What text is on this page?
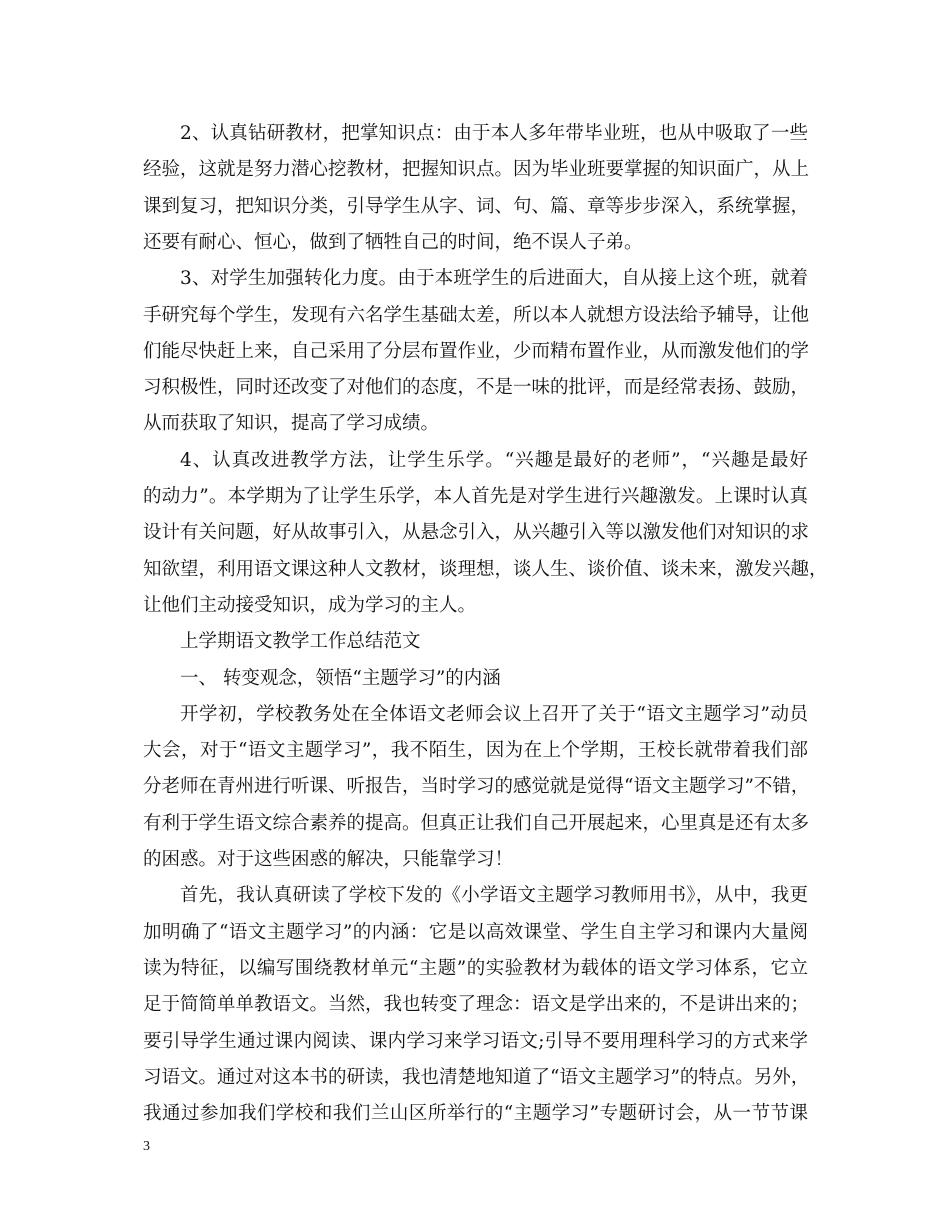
2、认真钻研教材，把掌知识点：由于本人多年带毕业班，也从中吸取了一些
经验，这就是努力潜心挖教材，把握知识点。因为毕业班要掌握的知识面广，从上
课到复习，把知识分类，引导学生从字、词、句、篇、章等步步深入，系统掌握，
还要有耐心、恒心，做到了牺牲自己的时间，绝不误人子弟。
3、对学生加强转化力度。由于本班学生的后进面大，自从接上这个班，就着
手研究每个学生，发现有六名学生基础太差，所以本人就想方设法给予辅导，让他
们能尽快赶上来，自己采用了分层布置作业，少而精布置作业，从而激发他们的学
习积极性，同时还改变了对他们的态度，不是一味的批评，而是经常表扬、鼓励，
从而获取了知识，提高了学习成绩。
4、认真改进教学方法，让学生乐学。“兴趣是最好的老师”，“兴趣是最好
的动力”。本学期为了让学生乐学，本人首先是对学生进行兴趣激发。上课时认真
设计有关问题，好从故事引入，从悬念引入，从兴趣引入等以激发他们对知识的求
知欲望，利用语文课这种人文教材，谈理想，谈人生、谈价值、谈未来，激发兴趣，
让他们主动接受知识，成为学习的主人。
上学期语文教学工作总结范文
一、 转变观念，领悟“主题学习”的内涵
开学初，学校教务处在全体语文老师会议上召开了关于“语文主题学习”动员
大会，对于“语文主题学习”，我不陌生，因为在上个学期，王校长就带着我们部
分老师在青州进行听课、听报告，当时学习的感觉就是觉得“语文主题学习”不错，
有利于学生语文综合素养的提高。但真正让我们自己开展起来，心里真是还有太多
的困惑。对于这些困惑的解决，只能靠学习！
首先，我认真研读了学校下发的《小学语文主题学习教师用书》，从中，我更
加明确了“语文主题学习”的内涵：它是以高效课堂、学生自主学习和课内大量阅
读为特征，以编写围绕教材单元“主题”的实验教材为载体的语文学习体系，它立
足于简简单单教语文。当然，我也转变了理念：语文是学出来的，不是讲出来的；
要引导学生通过课内阅读、课内学习来学习语文;引导不要用理科学习的方式来学
习语文。通过对这本书的研读，我也清楚地知道了“语文主题学习”的特点。另外，
我通过参加我们学校和我们兰山区所举行的“主题学习”专题研讨会，从一节节课
3
